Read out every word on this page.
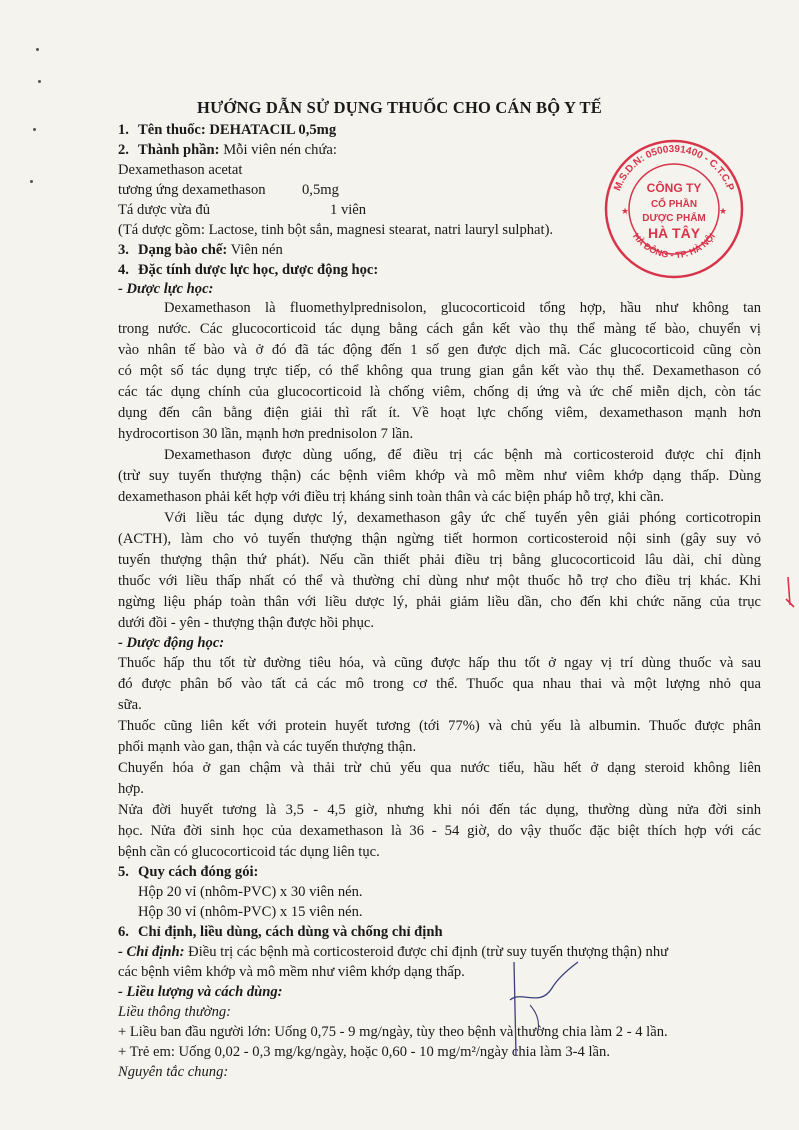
HƯỚNG DẪN SỬ DỤNG THUỐC CHO CÁN BỘ Y TẾ
1. Tên thuốc: DEHATACIL 0,5mg
2. Thành phần: Mỗi viên nén chứa:
Dexamethason acetat
tương ứng dexamethason 0,5mg
Tá dược vừa đủ	1 viên
(Tá dược gồm: Lactose, tinh bột sắn, magnesi stearat, natri lauryl sulphat).
3. Dạng bào chế: Viên nén
4. Đặc tính dược lực học, dược động học:
- Dược lực học:
Dexamethason là fluomethylprednisolon, glucocorticoid tổng hợp, hầu như không tan
trong nước. Các glucocorticoid tác dụng bằng cách gắn kết vào thụ thể màng tế bào, chuyển vị
vào nhân tế bào và ở đó đã tác động đến 1 số gen được dịch mã. Các glucocorticoid cũng còn
có một số tác dụng trực tiếp, có thể không qua trung gian gắn kết vào thụ thể. Dexamethason có
các tác dụng chính của glucocorticoid là chống viêm, chống dị ứng và ức chế miễn dịch, còn tác
dụng đến cân bằng điện giải thì rất ít. Về hoạt lực chống viêm, dexamethason mạnh hơn
hydrocortison 30 lần, mạnh hơn prednisolon 7 lần.
Dexamethason được dùng uống, để điều trị các bệnh mà corticosteroid được chỉ định
(trừ suy tuyến thượng thận) các bệnh viêm khớp và mô mềm như viêm khớp dạng thấp. Dùng
dexamethason phải kết hợp với điều trị kháng sinh toàn thân và các biện pháp hỗ trợ, khi cần.
Với liều tác dụng dược lý, dexamethason gây ức chế tuyến yên giải phóng corticotropin
(ACTH), làm cho vỏ tuyến thượng thận ngừng tiết hormon corticosteroid nội sinh (gây suy vỏ
tuyến thượng thận thứ phát). Nếu cần thiết phải điều trị bằng glucocorticoid lâu dài, chỉ dùng
thuốc với liều thấp nhất có thể và thường chỉ dùng như một thuốc hỗ trợ cho điều trị khác. Khi
ngừng liệu pháp toàn thân với liều dược lý, phải giảm liều dần, cho đến khi chức năng của trục
dưới đồi - yên - thượng thận được hồi phục.
- Dược động học:
Thuốc hấp thu tốt từ đường tiêu hóa, và cũng được hấp thu tốt ở ngay vị trí dùng thuốc và sau
đó được phân bố vào tất cả các mô trong cơ thể. Thuốc qua nhau thai và một lượng nhỏ qua
sữa.
Thuốc cũng liên kết với protein huyết tương (tới 77%) và chủ yếu là albumin. Thuốc được phân
phối mạnh vào gan, thận và các tuyến thượng thận.
Chuyển hóa ở gan chậm và thải trừ chủ yếu qua nước tiểu, hầu hết ở dạng steroid không liên
hợp.
Nửa đời huyết tương là 3,5 - 4,5 giờ, nhưng khi nói đến tác dụng, thường dùng nửa đời sinh
học. Nửa đời sinh học của dexamethason là 36 - 54 giờ, do vậy thuốc đặc biệt thích hợp với các
bệnh cần có glucocorticoid tác dụng liên tục.
5. Quy cách đóng gói:
Hộp 20 vỉ (nhôm-PVC) x 30 viên nén.
Hộp 30 vỉ (nhôm-PVC) x 15 viên nén.
6. Chỉ định, liều dùng, cách dùng và chống chỉ định
- Chỉ định: Điều trị các bệnh mà corticosteroid được chỉ định (trừ suy tuyến thượng thận) như
các bệnh viêm khớp và mô mềm như viêm khớp dạng thấp.
- Liều lượng và cách dùng:
Liều thông thường:
+ Liều ban đầu người lớn: Uống 0,75 - 9 mg/ngày, tùy theo bệnh và thường chia làm 2 - 4 lần.
+ Trẻ em: Uống 0,02 - 0,3 mg/kg/ngày, hoặc 0,60 - 10 mg/m²/ngày chia làm 3-4 lần.
Nguyên tắc chung:
M.S.D.N: 0500391400 - C.T.C.P
HÀ ĐÔNG - TP. HÀ NỘI
CÔNG TY
CỔ PHẦN
DƯỢC PHẨM
HÀ TÂY
★	★
